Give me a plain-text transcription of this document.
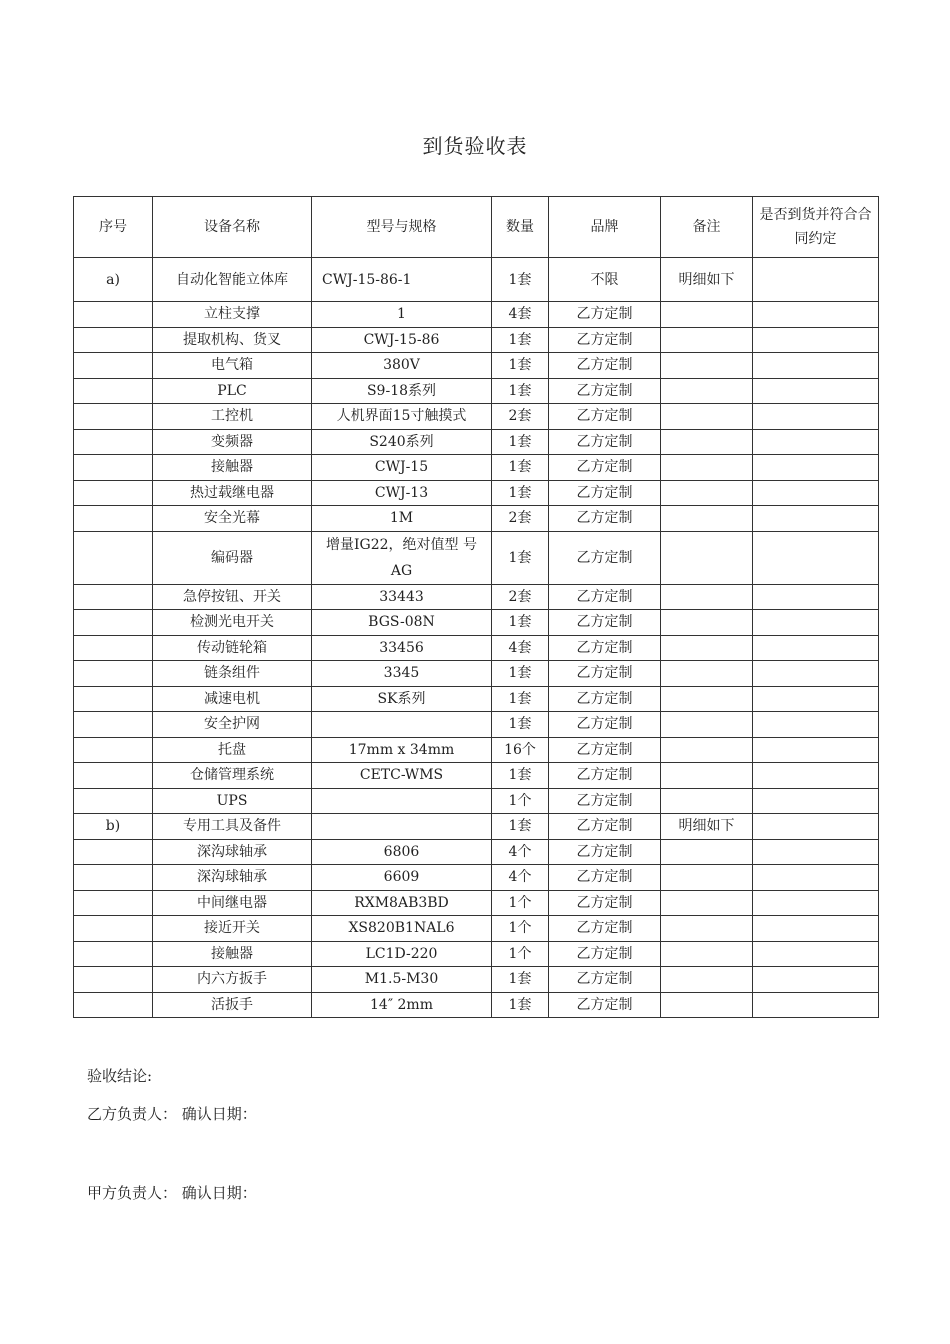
到货验收表
序号	设备名称	型号与规格	数量	品牌	备注	是否到货并符合合同约定
a)	自动化智能立体库	CWJ-15-86-1	1套	不限	明细如下	
	立柱支撑	1	4套	乙方定制		
	提取机构、货叉	CWJ-15-86	1套	乙方定制		
	电气箱	380V	1套	乙方定制		
	PLC	S9-18系列	1套	乙方定制		
	工控机	人机界面15寸触摸式	2套	乙方定制		
	变频器	S240系列	1套	乙方定制		
	接触器	CWJ-15	1套	乙方定制		
	热过载继电器	CWJ-13	1套	乙方定制		
	安全光幕	1M	2套	乙方定制		
	编码器	增量IG22，绝对值型 号AG	1套	乙方定制		
	急停按钮、开关	33443	2套	乙方定制		
	检测光电开关	BGS-08N	1套	乙方定制		
	传动链轮箱	33456	4套	乙方定制		
	链条组件	3345	1套	乙方定制		
	减速电机	SK系列	1套	乙方定制		
	安全护网		1套	乙方定制		
	托盘	17mm x 34mm	16个	乙方定制		
	仓储管理系统	CETC-WMS	1套	乙方定制		
	UPS		1个	乙方定制		
b)	专用工具及备件		1套	乙方定制	明细如下	
	深沟球轴承	6806	4个	乙方定制		
	深沟球轴承	6609	4个	乙方定制		
	中间继电器	RXM8AB3BD	1个	乙方定制		
	接近开关	XS820B1NAL6	1个	乙方定制		
	接触器	LC1D-220	1个	乙方定制		
	内六方扳手	M1.5-M30	1套	乙方定制		
	活扳手	14″ 2mm	1套	乙方定制		
验收结论:
乙方负责人： 确认日期：
甲方负责人： 确认日期：
